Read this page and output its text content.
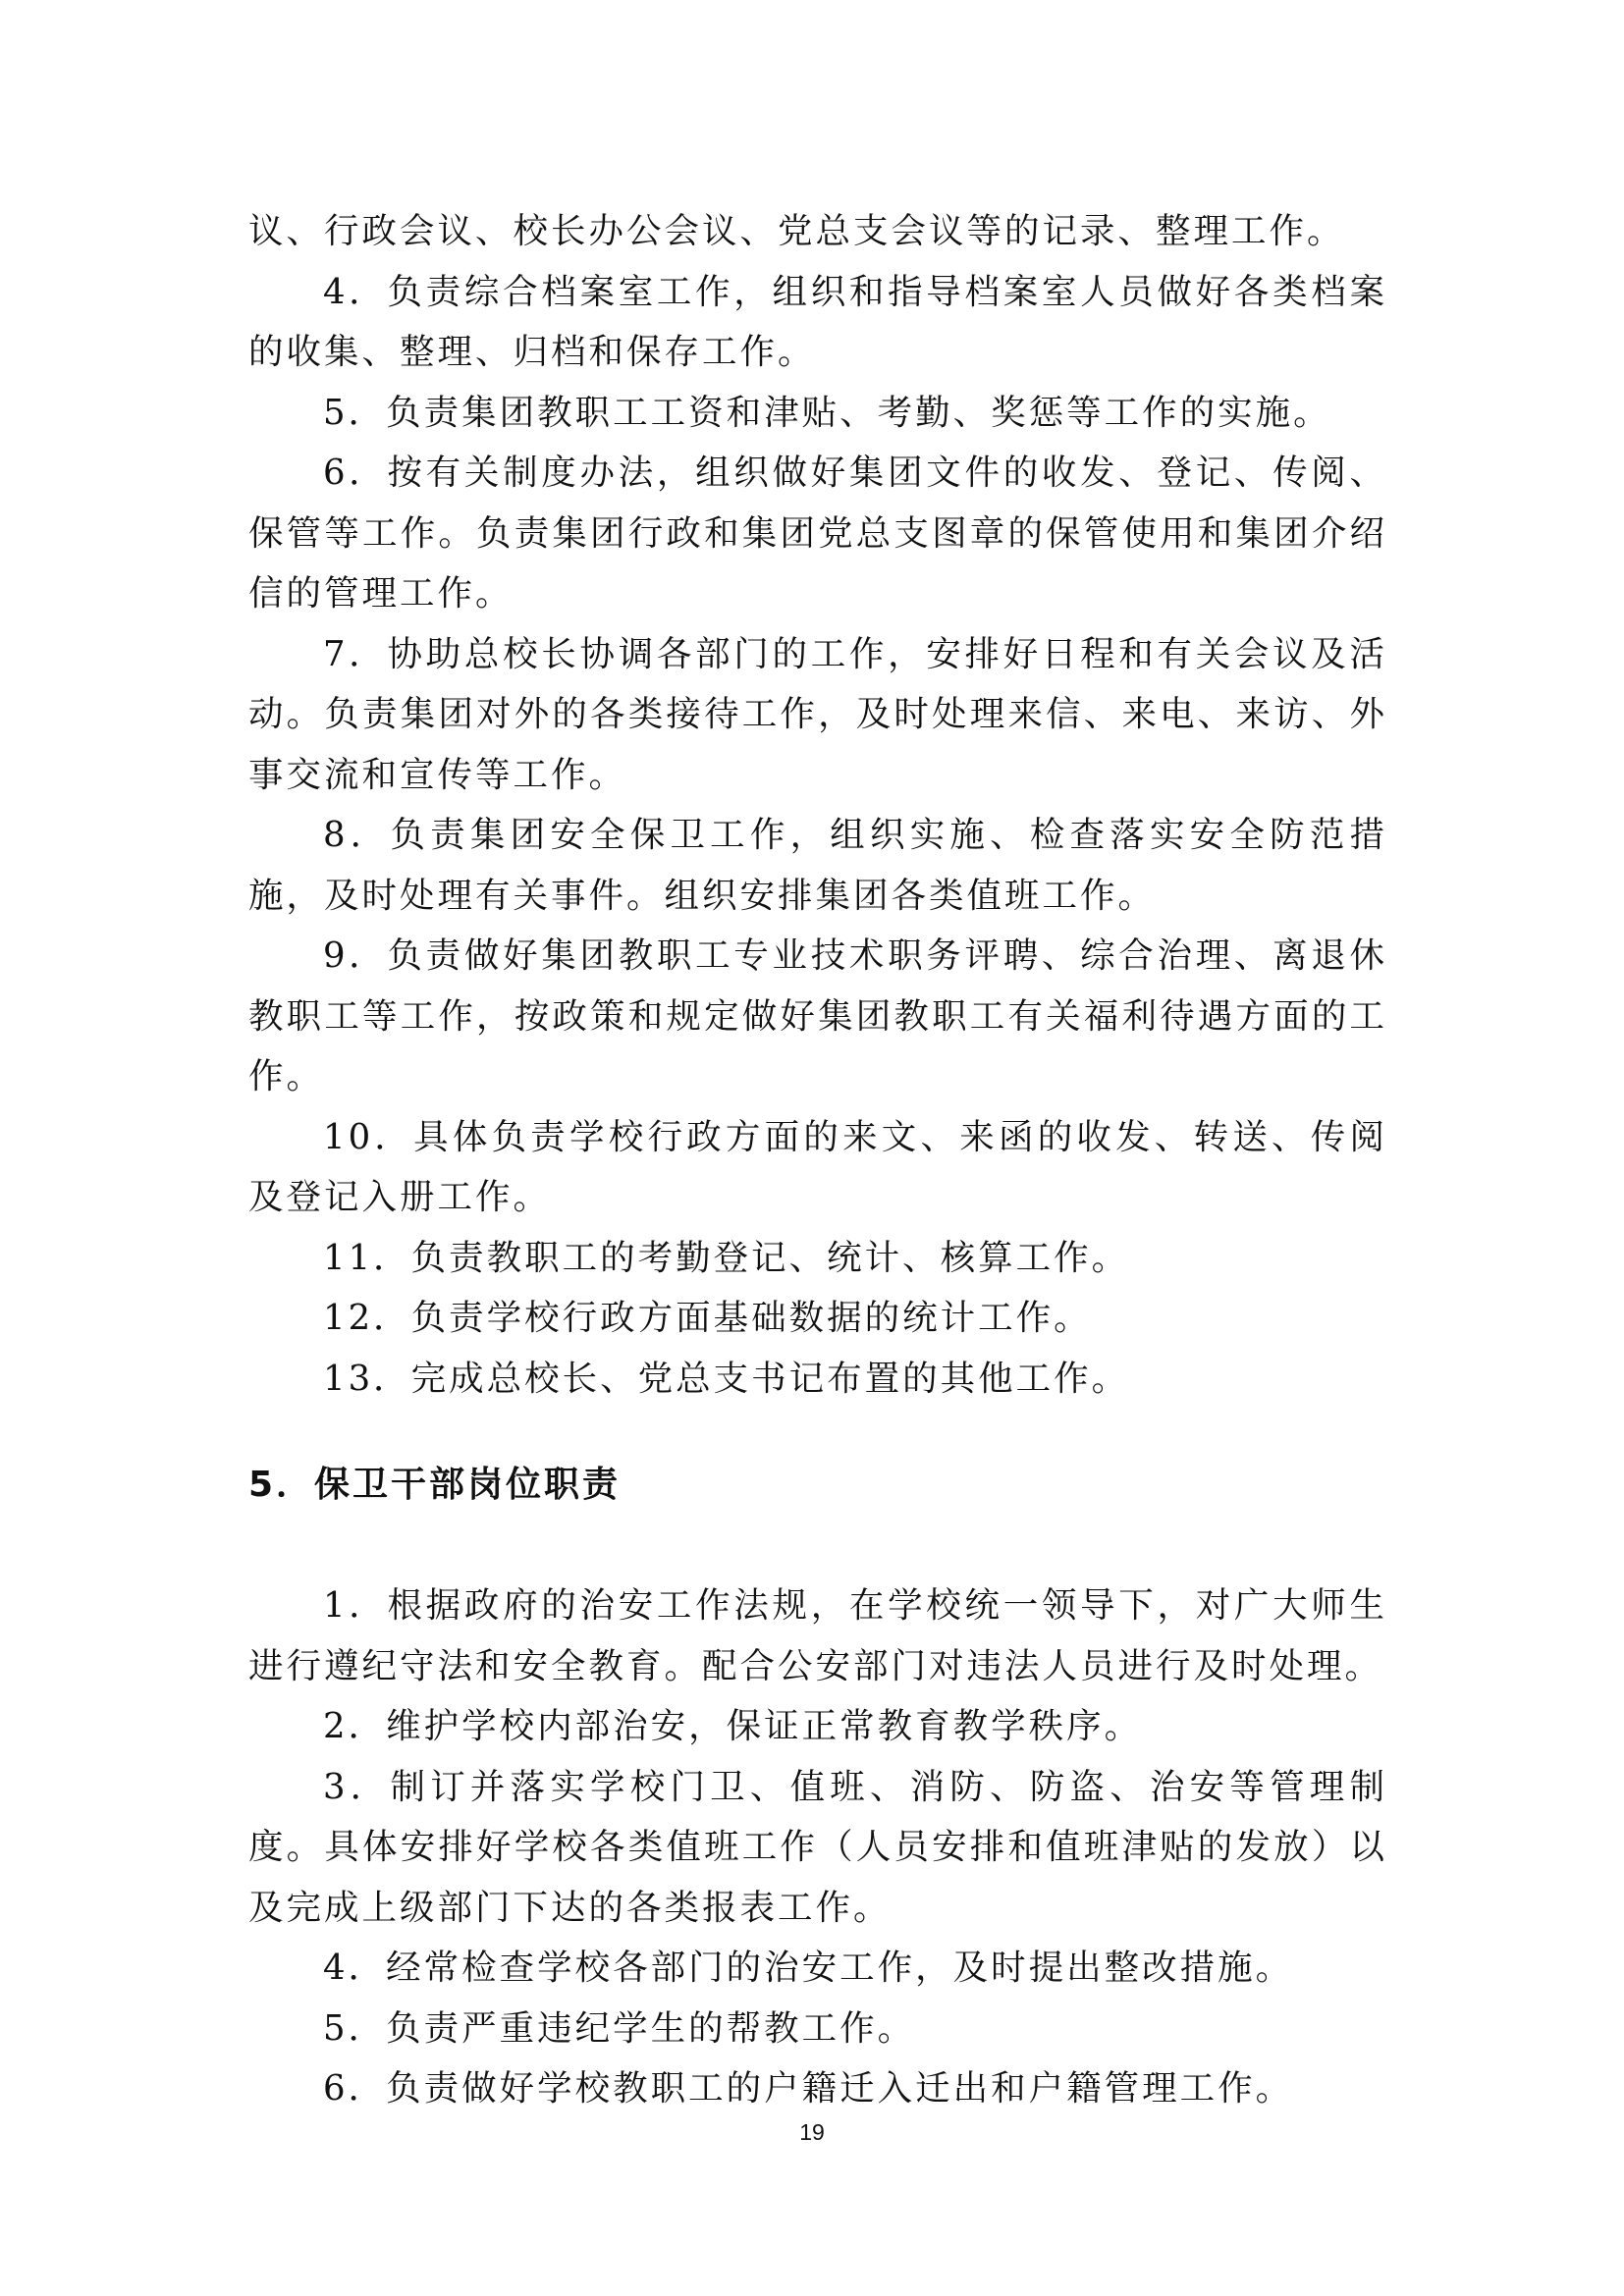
议、行政会议、校长办公会议、党总支会议等的记录、整理工作。

4．负责综合档案室工作，组织和指导档案室人员做好各类档案的收集、整理、归档和保存工作。

5．负责集团教职工工资和津贴、考勤、奖惩等工作的实施。

6．按有关制度办法，组织做好集团文件的收发、登记、传阅、保管等工作。负责集团行政和集团党总支图章的保管使用和集团介绍信的管理工作。

7．协助总校长协调各部门的工作，安排好日程和有关会议及活动。负责集团对外的各类接待工作，及时处理来信、来电、来访、外事交流和宣传等工作。

8．负责集团安全保卫工作，组织实施、检查落实安全防范措施，及时处理有关事件。组织安排集团各类值班工作。

9．负责做好集团教职工专业技术职务评聘、综合治理、离退休教职工等工作，按政策和规定做好集团教职工有关福利待遇方面的工作。

10．具体负责学校行政方面的来文、来函的收发、转送、传阅及登记入册工作。

11．负责教职工的考勤登记、统计、核算工作。

12．负责学校行政方面基础数据的统计工作。

13．完成总校长、党总支书记布置的其他工作。

5．保卫干部岗位职责

1．根据政府的治安工作法规，在学校统一领导下，对广大师生进行遵纪守法和安全教育。配合公安部门对违法人员进行及时处理。

2．维护学校内部治安，保证正常教育教学秩序。

3．制订并落实学校门卫、值班、消防、防盗、治安等管理制度。具体安排好学校各类值班工作（人员安排和值班津贴的发放）以及完成上级部门下达的各类报表工作。

4．经常检查学校各部门的治安工作，及时提出整改措施。

5．负责严重违纪学生的帮教工作。

6．负责做好学校教职工的户籍迁入迁出和户籍管理工作。

19
